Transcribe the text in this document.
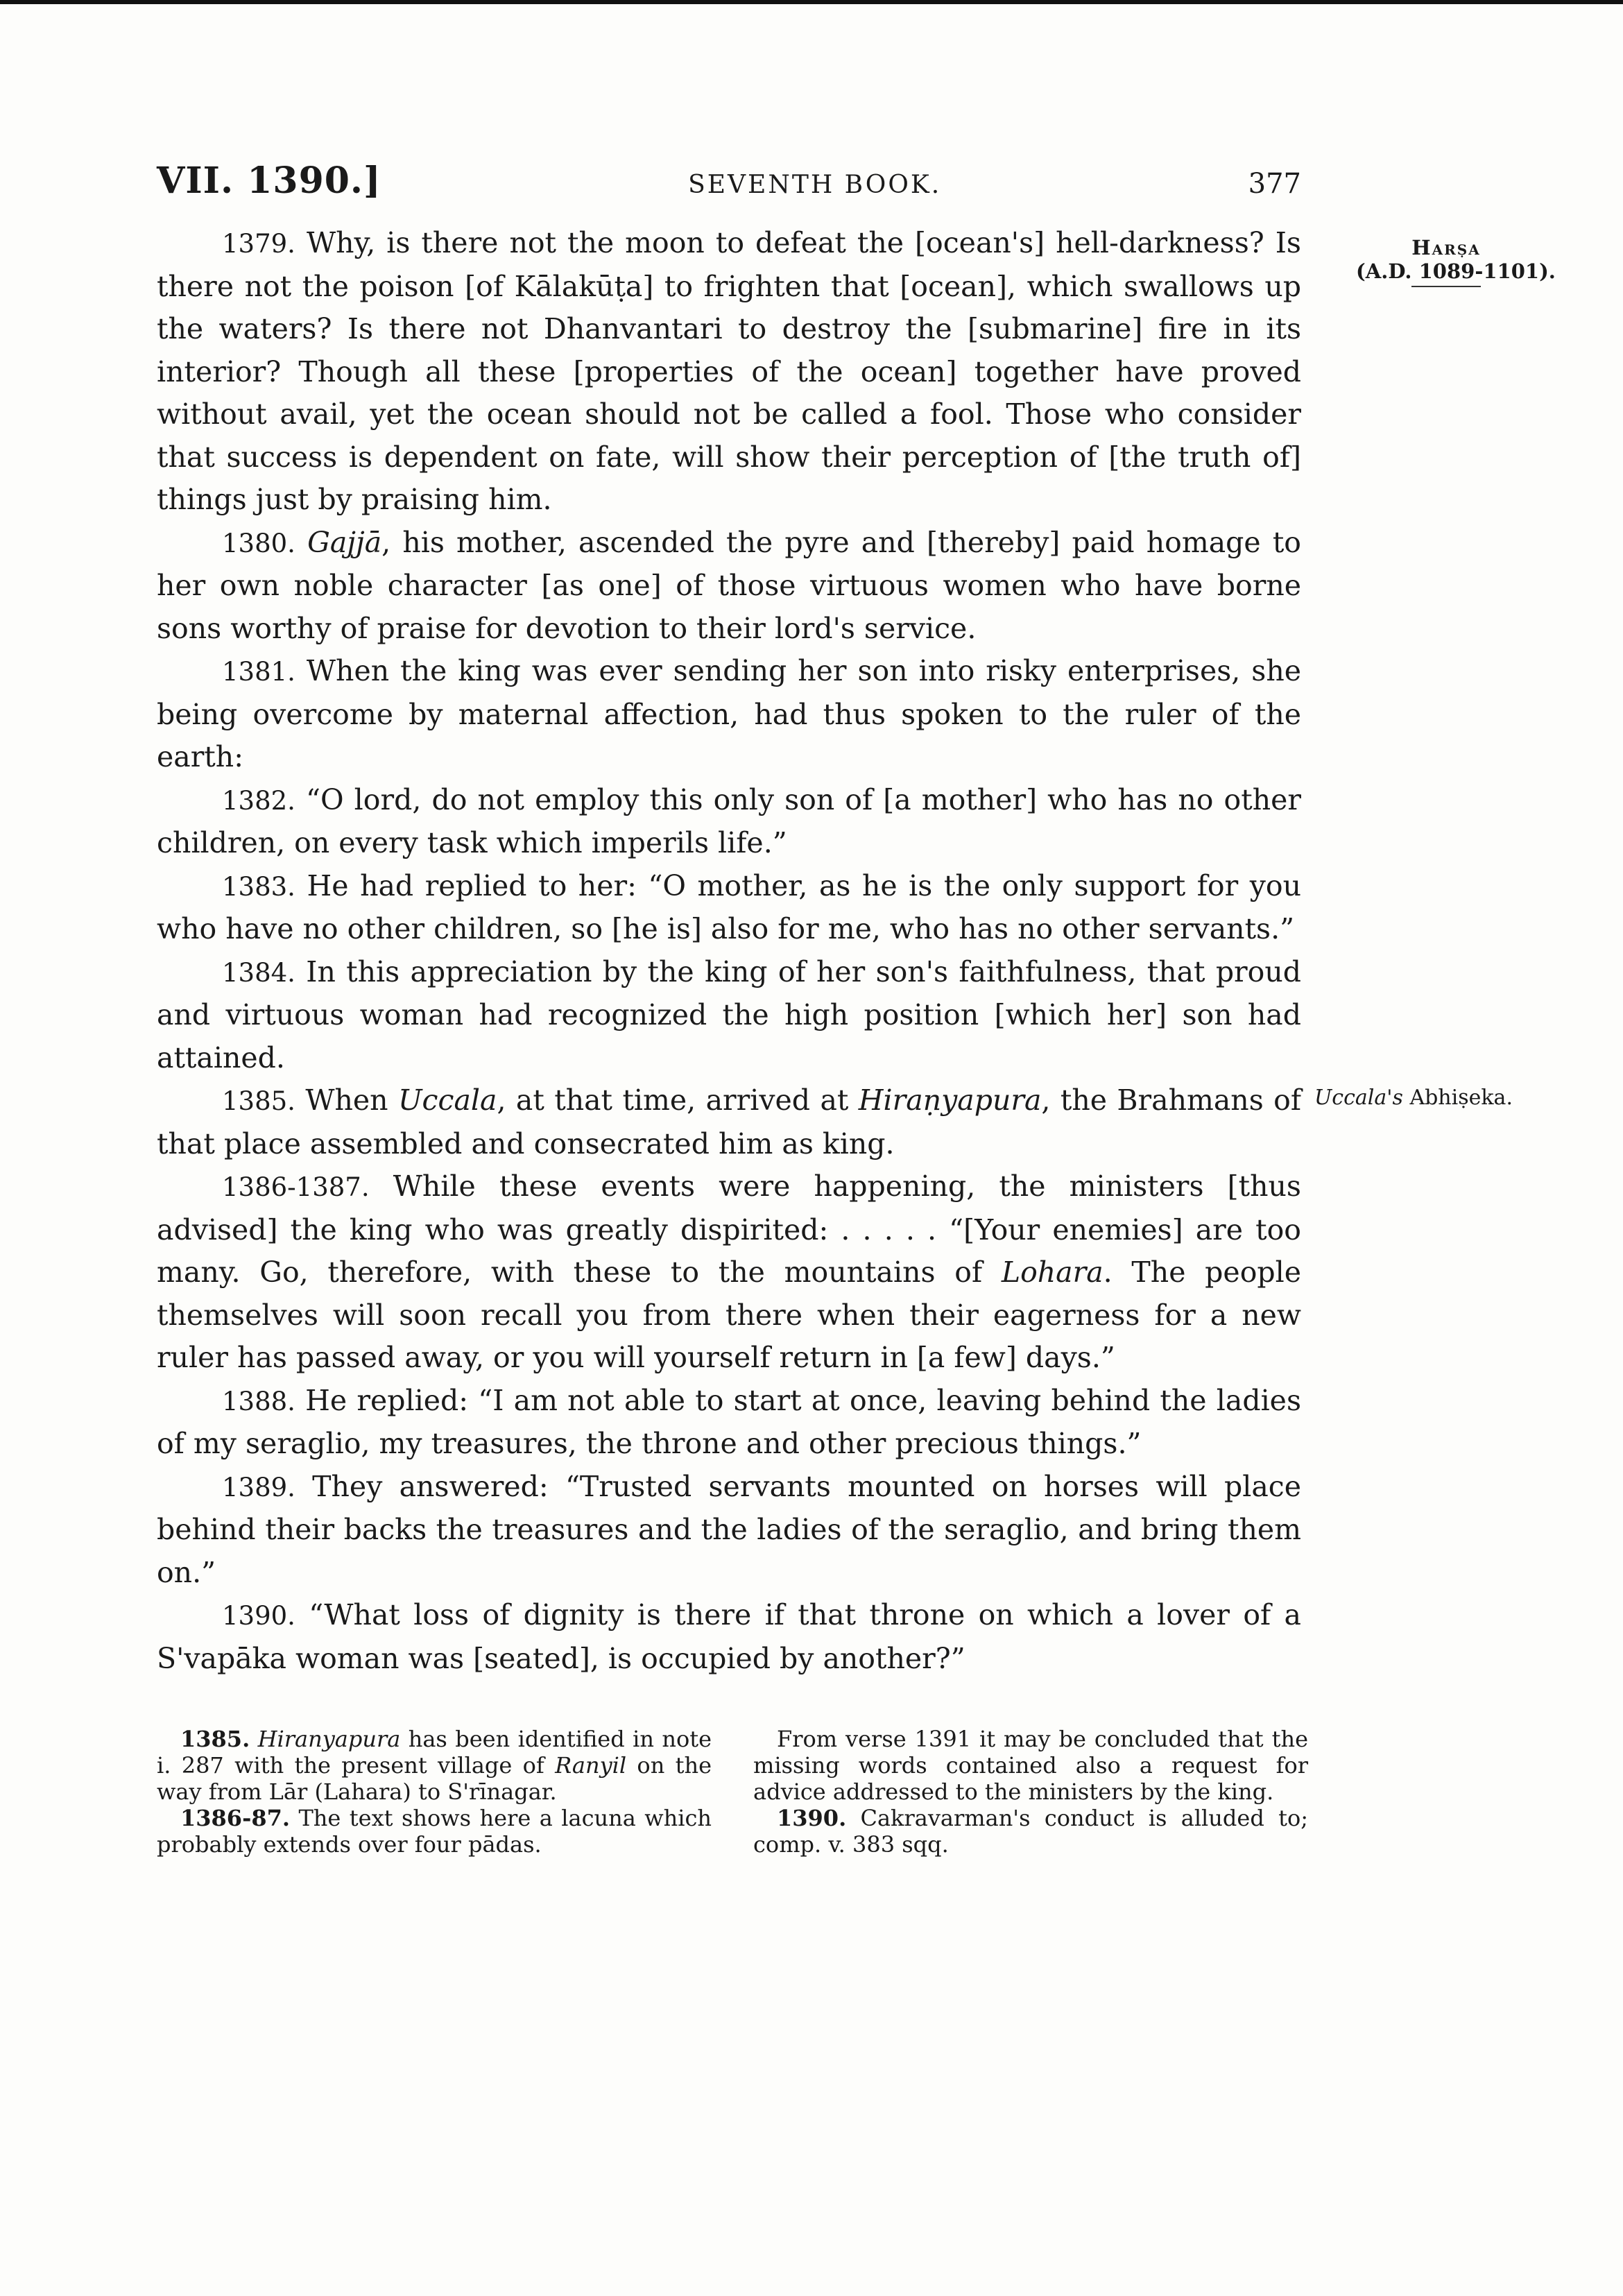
VII. 1390.]	SEVENTH BOOK.	377

1379. Why, is there not the moon to defeat the [ocean's] hell-darkness? Is there not the poison [of Kālakūṭa] to frighten that [ocean], which swallows up the waters? Is there not Dhanvantari to destroy the [submarine] fire in its interior? Though all these [properties of the ocean] together have proved without avail, yet the ocean should not be called a fool. Those who consider that success is dependent on fate, will show their perception of [the truth of] things just by praising him.

1380. Gajjā, his mother, ascended the pyre and [thereby] paid homage to her own noble character [as one] of those virtuous women who have borne sons worthy of praise for devotion to their lord's service.

1381. When the king was ever sending her son into risky enterprises, she being overcome by maternal affection, had thus spoken to the ruler of the earth:

1382. “O lord, do not employ this only son of [a mother] who has no other children, on every task which imperils life.”

1383. He had replied to her: “O mother, as he is the only support for you who have no other children, so [he is] also for me, who has no other servants.”

1384. In this appreciation by the king of her son's faithfulness, that proud and virtuous woman had recognized the high position [which her] son had attained.

1385. When Uccala, at that time, arrived at Hiraṇyapura, the Brahmans of that place assembled and consecrated him as king.

1386-1387. While these events were happening, the ministers [thus advised] the king who was greatly dispirited: . . . . . “[Your enemies] are too many. Go, therefore, with these to the mountains of Lohara. The people themselves will soon recall you from there when their eagerness for a new ruler has passed away, or you will yourself return in [a few] days.”

1388. He replied: “I am not able to start at once, leaving behind the ladies of my seraglio, my treasures, the throne and other precious things.”

1389. They answered: “Trusted servants mounted on horses will place behind their backs the treasures and the ladies of the seraglio, and bring them on.”

1390. “What loss of dignity is there if that throne on which a lover of a S'vapāka woman was [seated], is occupied by another?”

Harṣa
(A.D. 1089-1101).
Uccala's Abhiṣeka.

1385. Hiranyapura has been identified in note i. 287 with the present village of Ranyil on the way from Lār (Lahara) to S'rīnagar.

1386-87. The text shows here a lacuna which probably extends over four pādas.

From verse 1391 it may be concluded that the missing words contained also a request for advice addressed to the ministers by the king.

1390. Cakravarman's conduct is alluded to; comp. v. 383 sqq.
